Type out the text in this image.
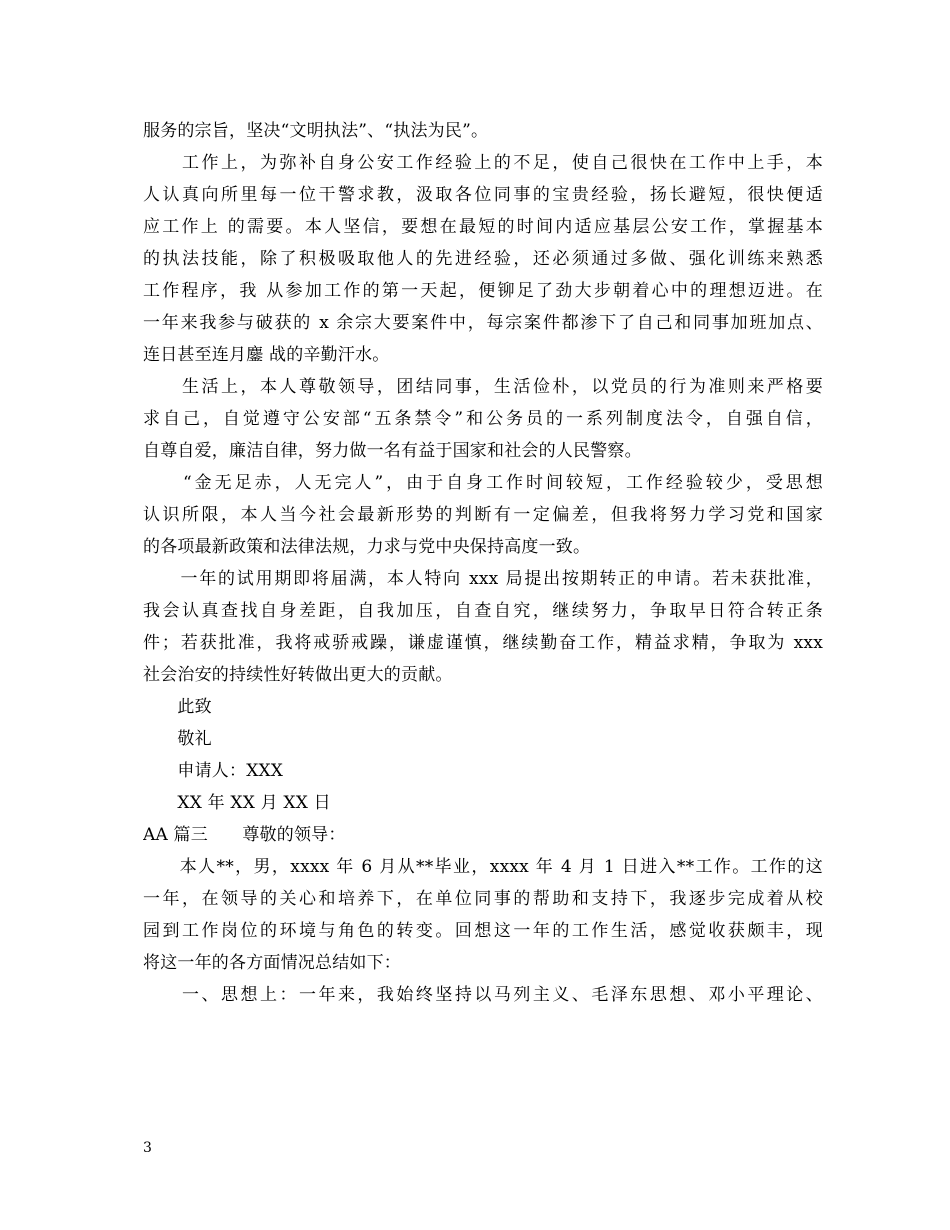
服务的宗旨，坚决“文明执法”、“执法为民”。
　　工作上，为弥补自身公安工作经验上的不足，使自己很快在工作中上手，本
人认真向所里每一位干警求教，汲取各位同事的宝贵经验，扬长避短，很快便适
应工作上 的需要。本人坚信，要想在最短的时间内适应基层公安工作，掌握基本
的执法技能，除了积极吸取他人的先进经验，还必须通过多做、强化训练来熟悉
工作程序，我 从参加工作的第一天起，便铆足了劲大步朝着心中的理想迈进。在
一年来我参与破获的 x 余宗大要案件中，每宗案件都渗下了自己和同事加班加点、
连日甚至连月鏖 战的辛勤汗水。
　　生活上，本人尊敬领导，团结同事，生活俭朴，以党员的行为准则来严格要
求自己，自觉遵守公安部“五条禁令”和公务员的一系列制度法令，自强自信，
自尊自爱，廉洁自律，努力做一名有益于国家和社会的人民警察。
　　“金无足赤，人无完人”，由于自身工作时间较短，工作经验较少，受思想
认识所限，本人当今社会最新形势的判断有一定偏差，但我将努力学习党和国家
的各项最新政策和法律法规，力求与党中央保持高度一致。
　　一年的试用期即将届满，本人特向 xxx 局提出按期转正的申请。若未获批准，
我会认真查找自身差距，自我加压，自查自究，继续努力，争取早日符合转正条
件；若获批准，我将戒骄戒躁，谦虚谨慎，继续勤奋工作，精益求精，争取为 xxx
社会治安的持续性好转做出更大的贡献。
　　此致
　　敬礼
　　申请人：XXX
　　XX 年 XX 月 XX 日
AA 篇三　　尊敬的领导：
　　本人**，男，xxxx 年 6 月从**毕业，xxxx 年 4 月 1 日进入**工作。工作的这
一年，在领导的关心和培养下，在单位同事的帮助和支持下，我逐步完成着从校
园到工作岗位的环境与角色的转变。回想这一年的工作生活，感觉收获颇丰，现
将这一年的各方面情况总结如下：
　　一、思想上：一年来，我始终坚持以马列主义、毛泽东思想、邓小平理论、
3
